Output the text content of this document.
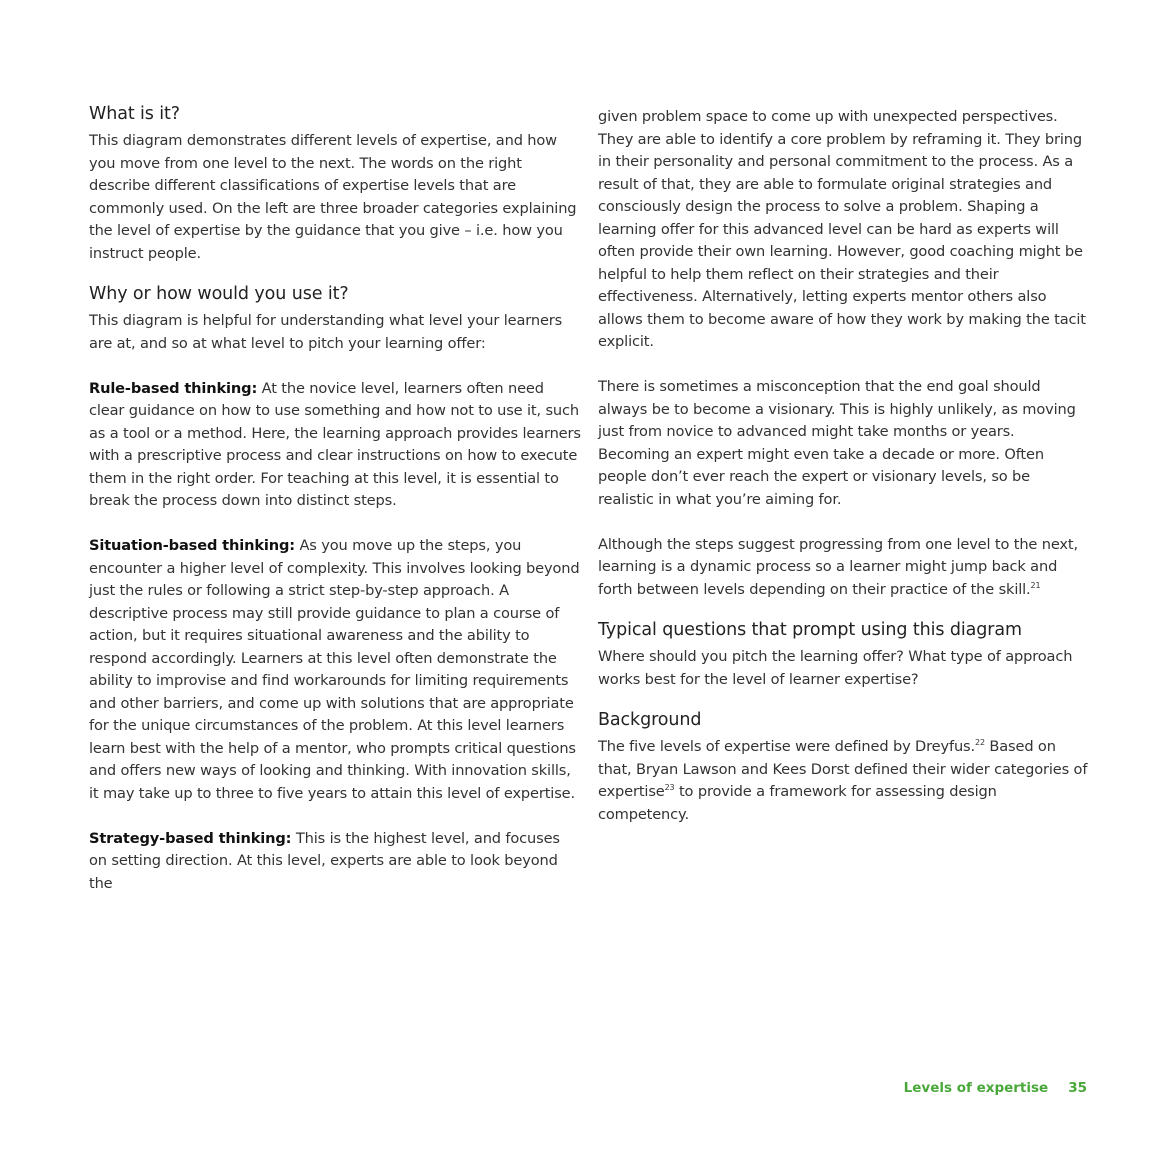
What is it?

This diagram demonstrates different levels of expertise, and how you move from one level to the next. The words on the right describe different classifications of expertise levels that are commonly used. On the left are three broader categories explaining the level of expertise by the guidance that you give – i.e. how you instruct people.

Why or how would you use it?

This diagram is helpful for understanding what level your learners are at, and so at what level to pitch your learning offer:

Rule-based thinking: At the novice level, learners often need clear guidance on how to use something and how not to use it, such as a tool or a method. Here, the learning approach provides learners with a prescriptive process and clear instructions on how to execute them in the right order. For teaching at this level, it is essential to break the process down into distinct steps.

Situation-based thinking: As you move up the steps, you encounter a higher level of complexity. This involves looking beyond just the rules or following a strict step-by-step approach. A descriptive process may still provide guidance to plan a course of action, but it requires situational awareness and the ability to respond accordingly. Learners at this level often demonstrate the ability to improvise and find workarounds for limiting requirements and other barriers, and come up with solutions that are appropriate for the unique circumstances of the problem. At this level learners learn best with the help of a mentor, who prompts critical questions and offers new ways of looking and thinking. With innovation skills, it may take up to three to five years to attain this level of expertise.

Strategy-based thinking: This is the highest level, and focuses on setting direction. At this level, experts are able to look beyond the

given problem space to come up with unexpected perspectives. They are able to identify a core problem by reframing it. They bring in their personality and personal commitment to the process. As a result of that, they are able to formulate original strategies and consciously design the process to solve a problem. Shaping a learning offer for this advanced level can be hard as experts will often provide their own learning. However, good coaching might be helpful to help them reflect on their strategies and their effectiveness. Alternatively, letting experts mentor others also allows them to become aware of how they work by making the tacit explicit.

There is sometimes a misconception that the end goal should always be to become a visionary. This is highly unlikely, as moving just from novice to advanced might take months or years. Becoming an expert might even take a decade or more. Often people don’t ever reach the expert or visionary levels, so be realistic in what you’re aiming for.

Although the steps suggest progressing from one level to the next, learning is a dynamic process so a learner might jump back and forth between levels depending on their practice of the skill.$^{21}$

Typical questions that prompt using this diagram

Where should you pitch the learning offer? What type of approach works best for the level of learner expertise?

Background

The five levels of expertise were defined by Dreyfus.$^{22}$ Based on that, Bryan Lawson and Kees Dorst defined their wider categories of expertise$^{23}$ to provide a framework for assessing design competency.

Levels of expertise 35
